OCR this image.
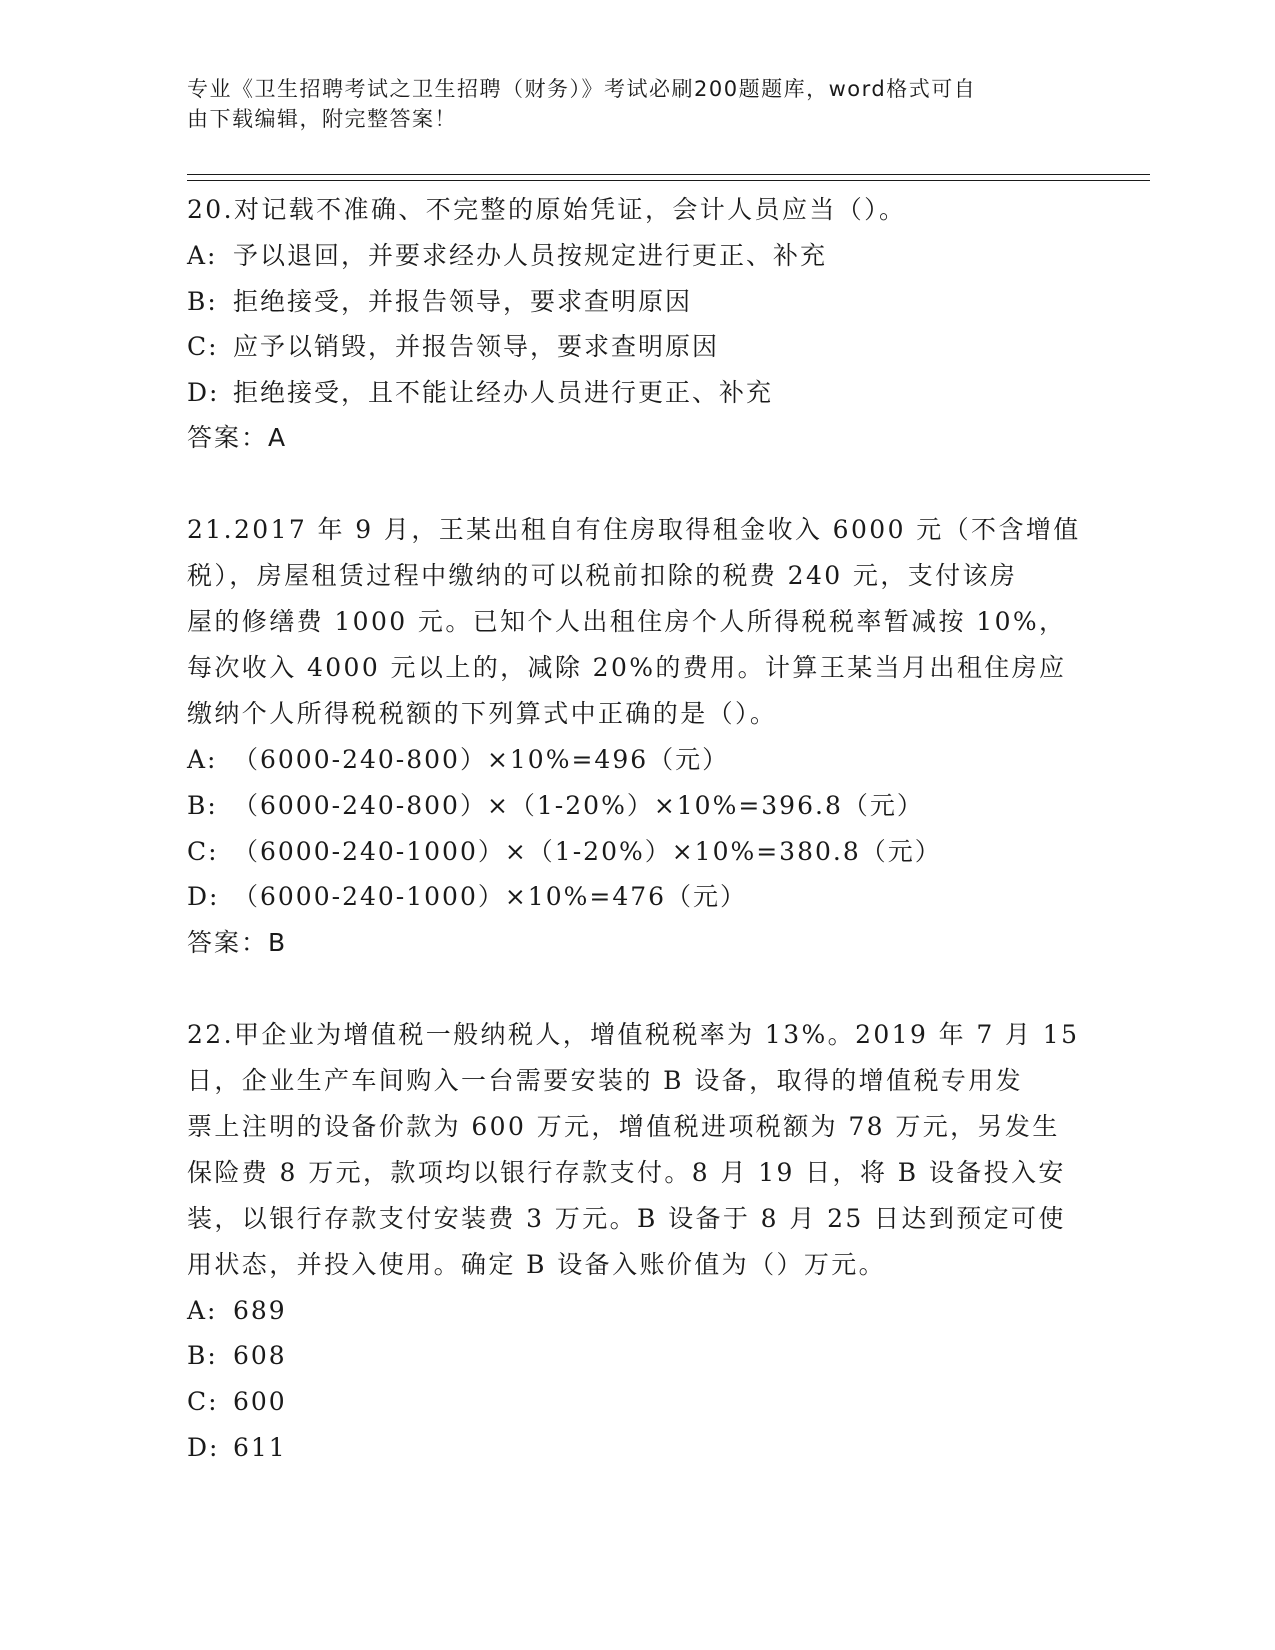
专业《卫生招聘考试之卫生招聘（财务）》考试必刷200题题库，word格式可自
由下载编辑，附完整答案！
20.对记载不准确、不完整的原始凭证，会计人员应当（）。
A: 予以退回，并要求经办人员按规定进行更正、补充
B: 拒绝接受，并报告领导，要求查明原因
C: 应予以销毁，并报告领导，要求查明原因
D: 拒绝接受，且不能让经办人员进行更正、补充
答案：A
21.2017 年 9 月，王某出租自有住房取得租金收入 6000 元（不含增值
税），房屋租赁过程中缴纳的可以税前扣除的税费 240 元，支付该房
屋的修缮费 1000 元。已知个人出租住房个人所得税税率暂减按 10%，
每次收入 4000 元以上的，减除 20%的费用。计算王某当月出租住房应
缴纳个人所得税税额的下列算式中正确的是（）。
A: （6000-240-800）×10%=496（元）
B: （6000-240-800）×（1-20%）×10%=396.8（元）
C: （6000-240-1000）×（1-20%）×10%=380.8（元）
D: （6000-240-1000）×10%=476（元）
答案：B
22.甲企业为增值税一般纳税人，增值税税率为 13%。2019 年 7 月 15
日，企业生产车间购入一台需要安装的 B 设备，取得的增值税专用发
票上注明的设备价款为 600 万元，增值税进项税额为 78 万元，另发生
保险费 8 万元，款项均以银行存款支付。8 月 19 日，将 B 设备投入安
装，以银行存款支付安装费 3 万元。B 设备于 8 月 25 日达到预定可使
用状态，并投入使用。确定 B 设备入账价值为（）万元。
A: 689
B: 608
C: 600
D: 611
